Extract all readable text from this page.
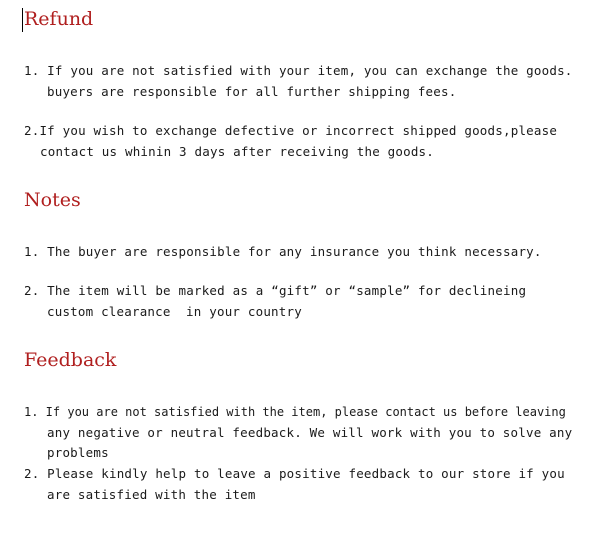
Refund

1. If you are not satisfied with your item, you can exchange the goods.

buyers are responsible for all further shipping fees.

2.If you wish to exchange defective or incorrect shipped goods,please

contact us whinin 3 days after receiving the goods.

Notes

1. The buyer are responsible for any insurance you think necessary.

2. The item will be marked as a “gift” or “sample” for declineing

custom clearance  in your country

Feedback

1. If you are not satisfied with the item, please contact us before leaving

any negative or neutral feedback. We will work with you to solve any

problems

2. Please kindly help to leave a positive feedback to our store if you

are satisfied with the item
